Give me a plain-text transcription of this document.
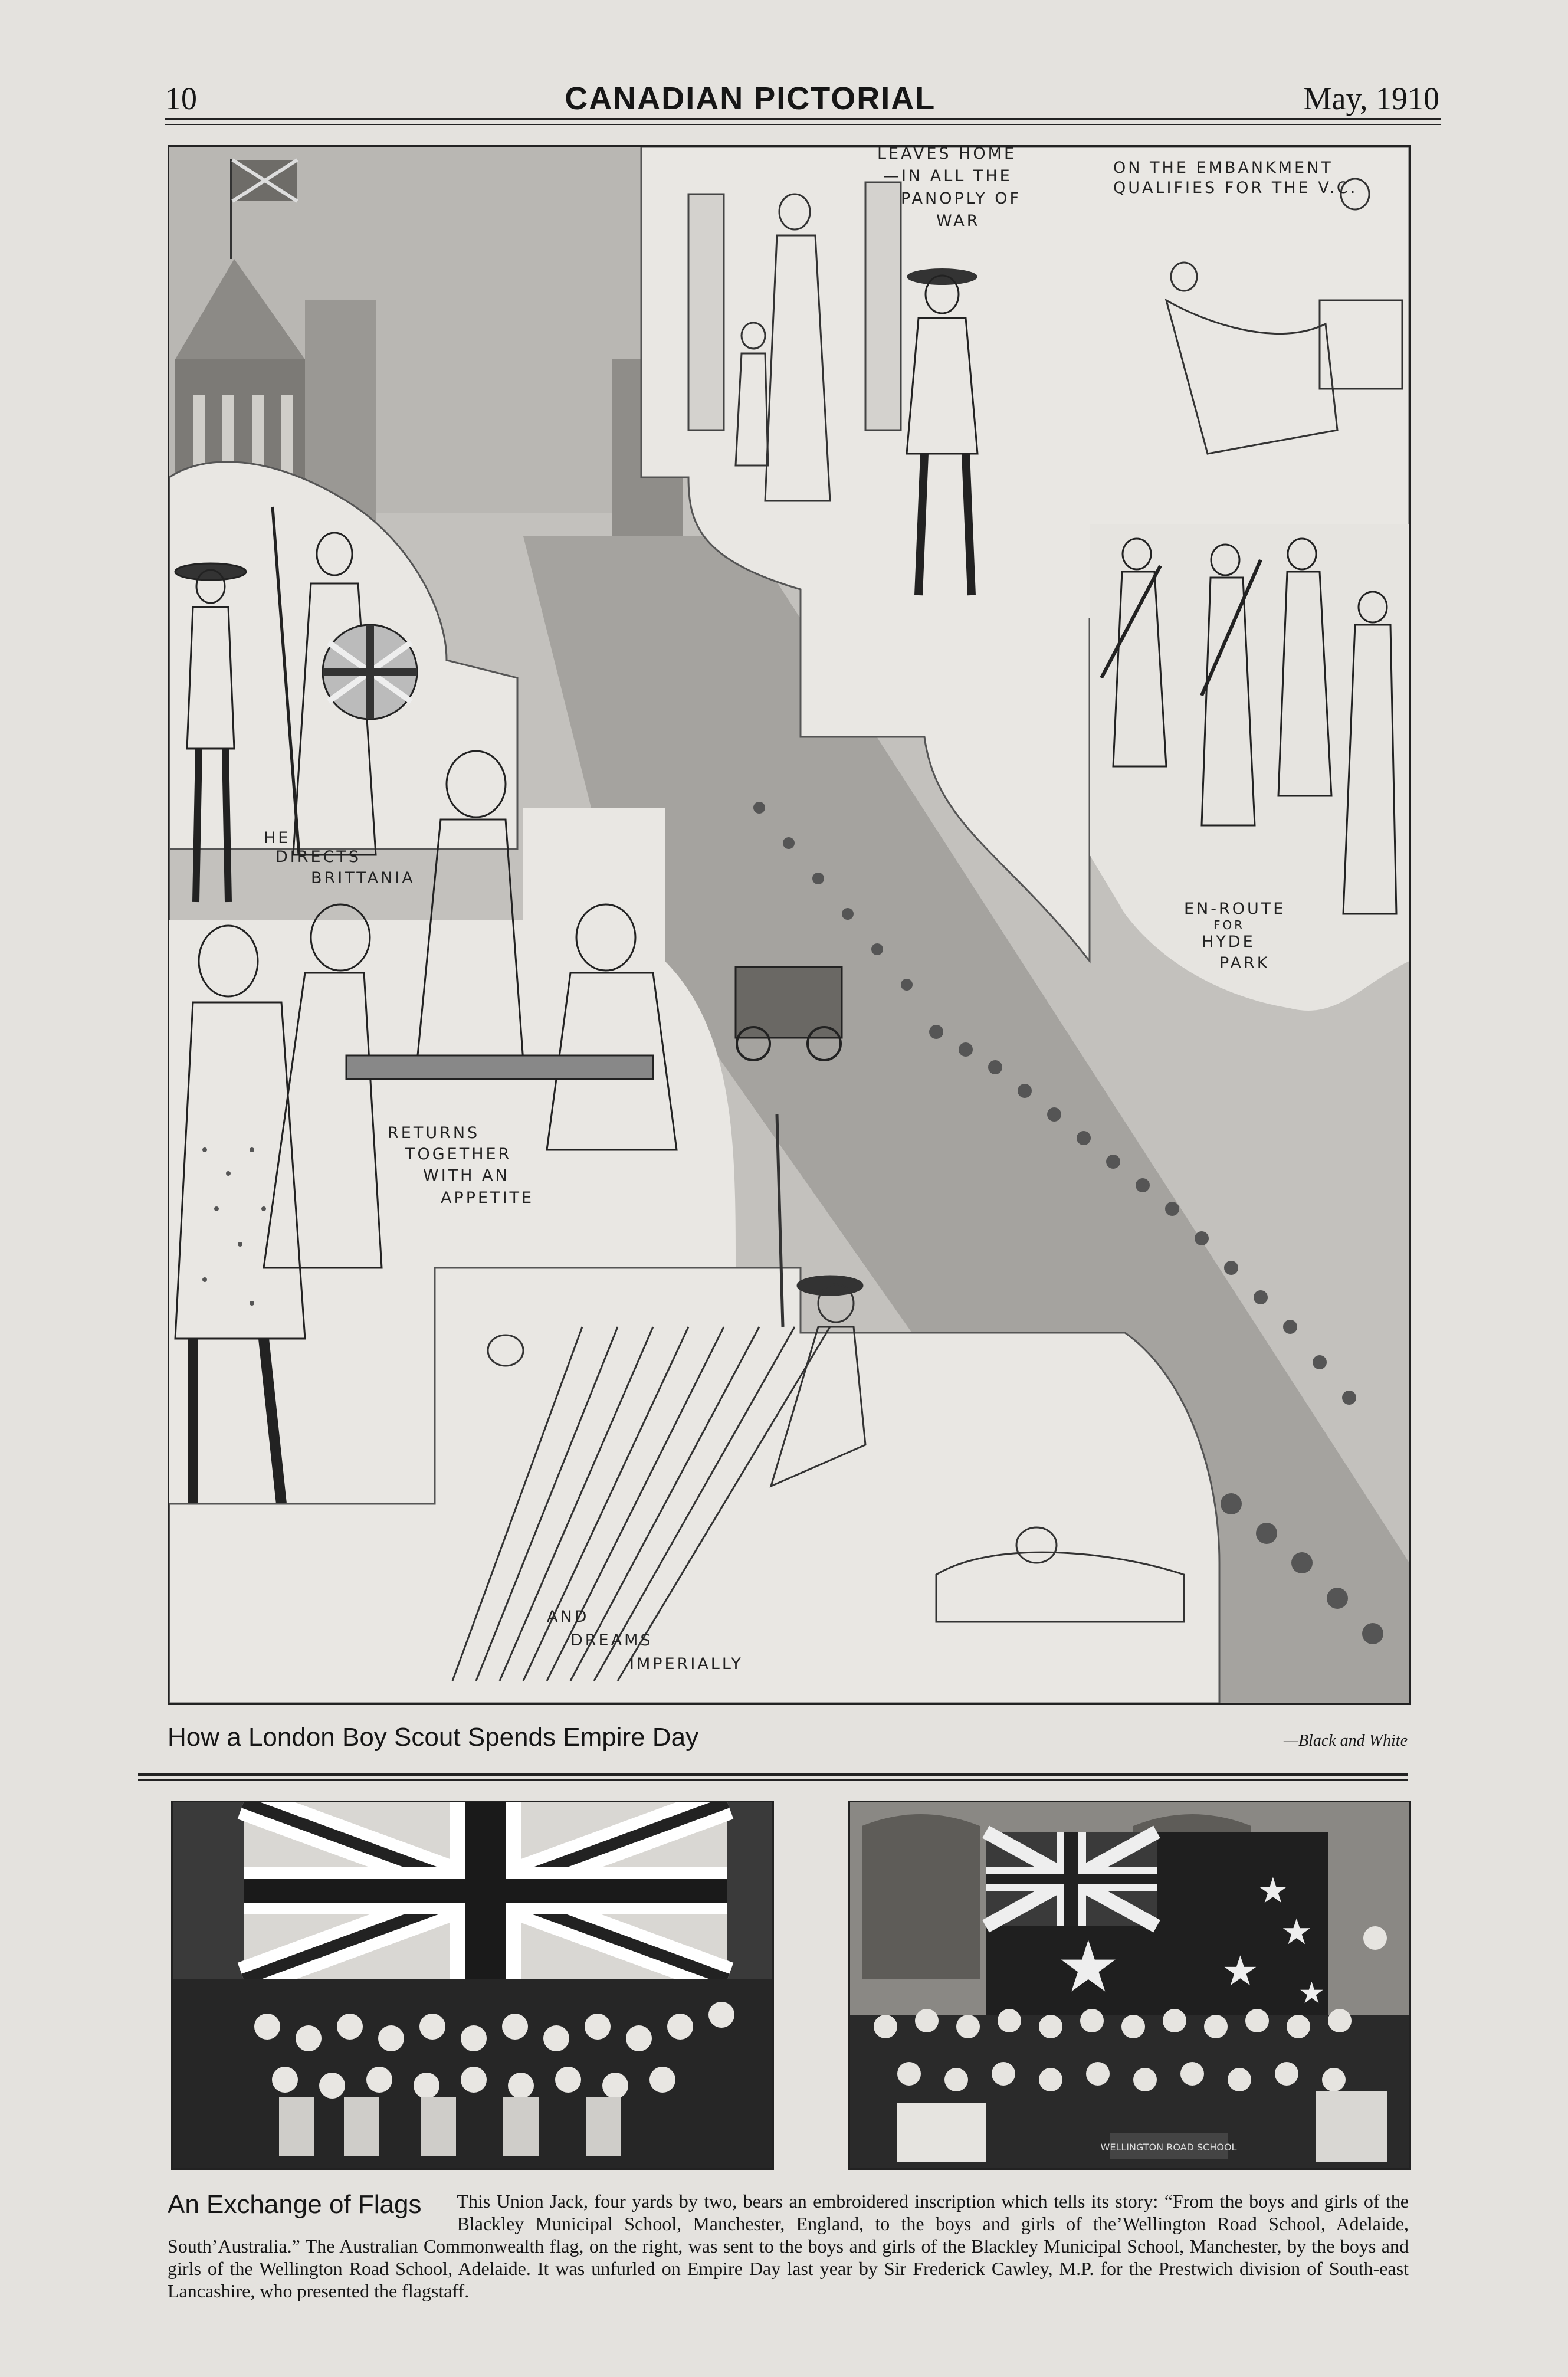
10	CANADIAN PICTORIAL	May, 1910
LEAVES HOME
—IN ALL THE
PANOPLY OF
WAR
ON THE EMBANKMENT
QUALIFIES FOR THE V.C.
EN-ROUTE
FOR
HYDE
PARK
HE
DIRECTS
BRITTANIA
RETURNS
TOGETHER
WITH AN
APPETITE
AND
DREAMS
IMPERIALLY
How a London Boy Scout Spends Empire Day	—Black and White
★ ★
★
★
★
WELLINGTON ROAD SCHOOL
An Exchange of Flags This Union Jack, four yards by two, bears an embroidered inscription which tells its story: “From the boys and girls of the Blackley Municipal School, Manchester, England, to the boys and girls of the’Wellington Road School, Adelaide, South’Australia.” The Australian Commonwealth flag, on the right, was sent to the boys and girls of the Blackley Municipal School, Manchester, by the boys and girls of the Wellington Road School, Adelaide. It was unfurled on Empire Day last year by Sir Frederick Cawley, M.P. for the Prestwich division of South-east Lancashire, who presented the flagstaff.
